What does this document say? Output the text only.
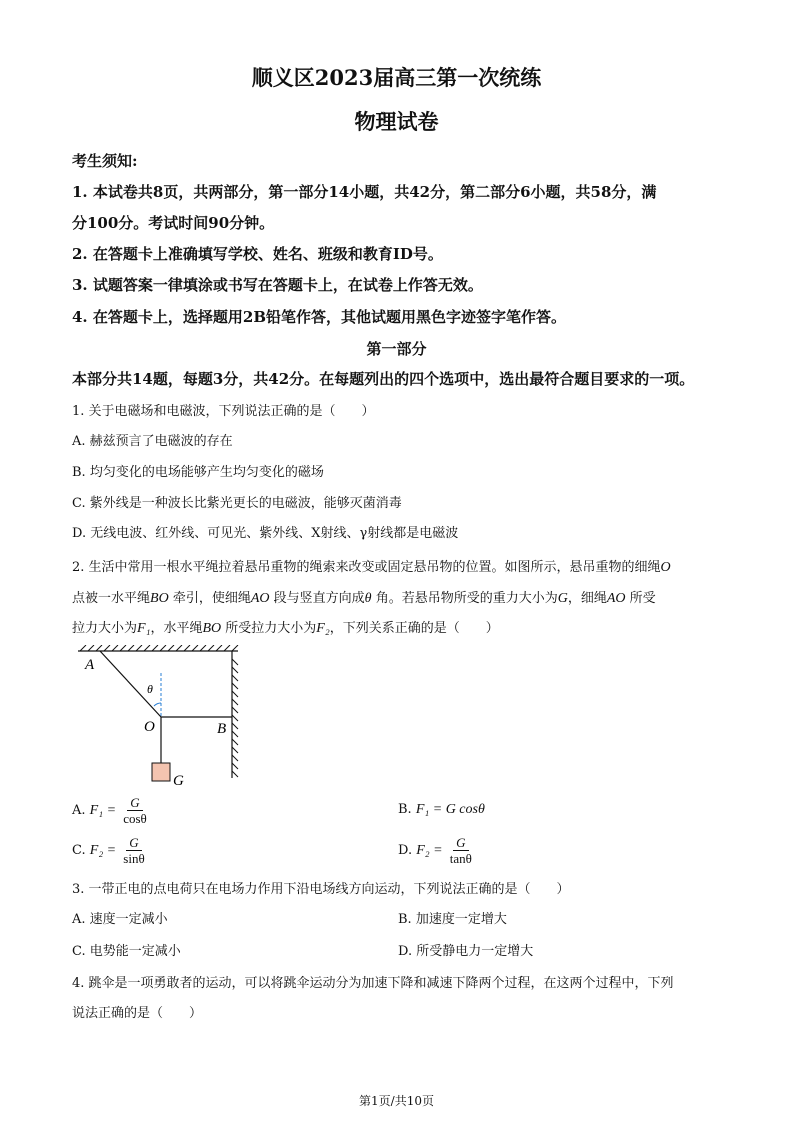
顺义区2023届高三第一次统练
物理试卷
考生须知:
1. 本试卷共8页，共两部分，第一部分14小题，共42分，第二部分6小题，共58分，满
分100分。考试时间90分钟。
2. 在答题卡上准确填写学校、姓名、班级和教育ID号。
3. 试题答案一律填涂或书写在答题卡上，在试卷上作答无效。
4. 在答题卡上，选择题用2B铅笔作答，其他试题用黑色字迹签字笔作答。
第一部分
本部分共14题，每题3分，共42分。在每题列出的四个选项中，选出最符合题目要求的一项。
1. 关于电磁场和电磁波，下列说法正确的是（　　）
A. 赫兹预言了电磁波的存在
B. 均匀变化的电场能够产生均匀变化的磁场
C. 紫外线是一种波长比紫光更长的电磁波，能够灭菌消毒
D. 无线电波、红外线、可见光、紫外线、X射线、γ射线都是电磁波
2. 生活中常用一根水平绳拉着悬吊重物的绳索来改变或固定悬吊物的位置。如图所示，悬吊重物的细绳O
点被一水平绳BO 牵引，使细绳AO 段与竖直方向成θ 角。若悬吊物所受的重力大小为G，细绳AO 所受
拉力大小为F₁，水平绳BO 所受拉力大小为F₂，下列关系正确的是（　　）
A
θ
O	B
G
A. $F_1 = \frac{G}{\cos\theta}$	B. F₁ = G cosθ
C. $F_2 = \frac{G}{\sin\theta}$	D. $F_2 = \frac{G}{\tan\theta}$
3. 一带正电的点电荷只在电场力作用下沿电场线方向运动，下列说法正确的是（　　）
A. 速度一定减小	B. 加速度一定增大
C. 电势能一定减小	D. 所受静电力一定增大
4. 跳伞是一项勇敢者的运动，可以将跳伞运动分为加速下降和减速下降两个过程，在这两个过程中，下列
说法正确的是（　　）
第1页/共10页
